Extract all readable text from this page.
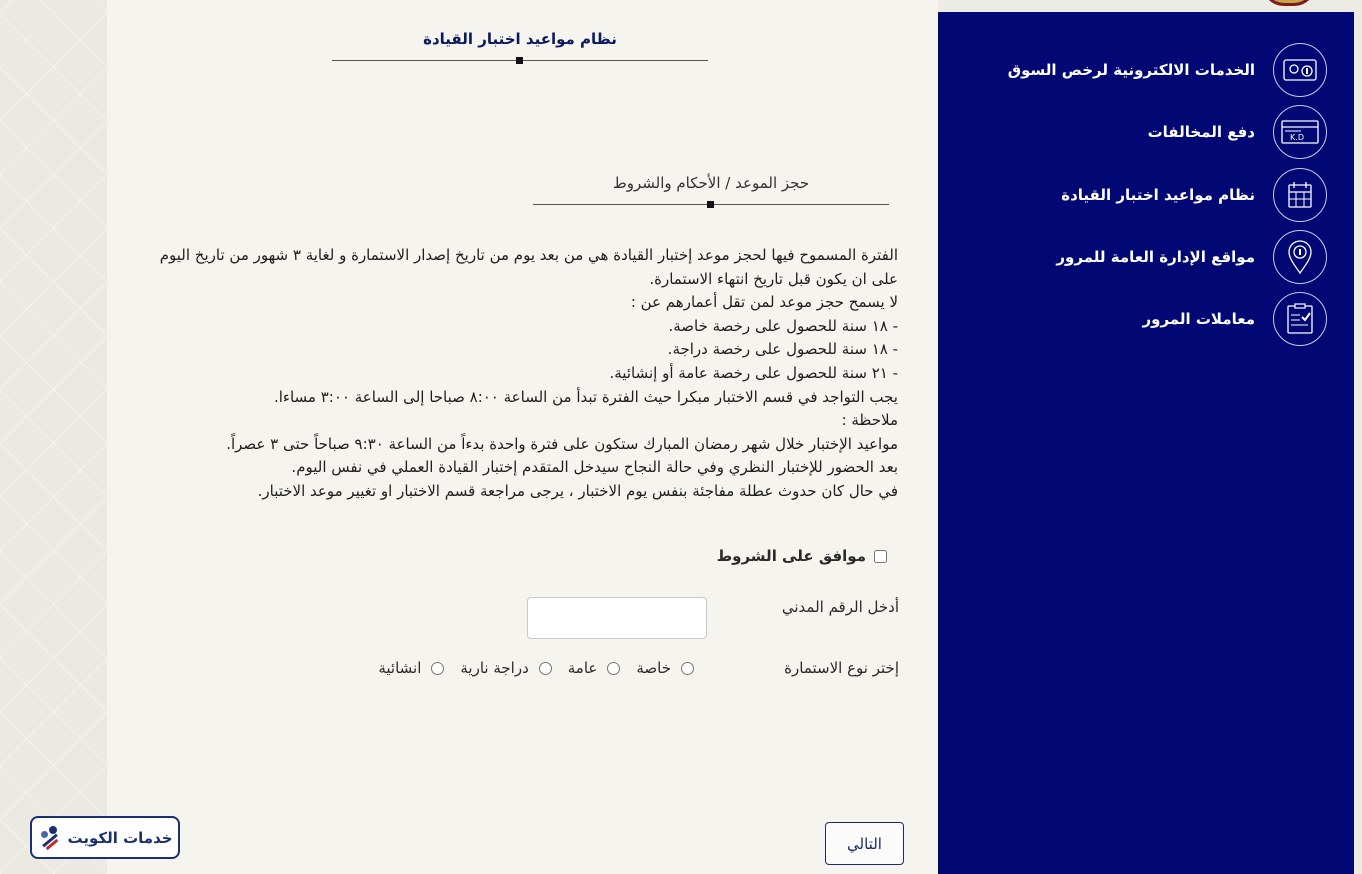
نظام مواعيد اختبار القيادة
حجز الموعد / الأحكام والشروط

الفترة المسموح فيها لحجز موعد إختبار القيادة هي من بعد يوم من تاريخ إصدار الاستمارة و لغاية ٣ شهور من تاريخ اليوم على ان يكون قبل تاريخ انتهاء الاستمارة.

لا يسمح حجز موعد لمن تقل أعمارهم عن :

- ١٨ سنة للحصول على رخصة خاصة.

- ١٨ سنة للحصول على رخصة دراجة.

- ٢١ سنة للحصول على رخصة عامة أو إنشائية.

يجب التواجد في قسم الاختبار مبكرا حيث الفترة تبدأ من الساعة ٨:٠٠ صباحا إلى الساعة ٣:٠٠ مساءا.

ملاحظة :

مواعيد الإختبار خلال شهر رمضان المبارك ستكون على فترة واحدة بدءاً من الساعة ٩:٣٠ صباحاً حتى ٣ عصراً.

بعد الحضور للإختبار النظري وفي حالة النجاح سيدخل المتقدم إختبار القيادة العملي في نفس اليوم.

في حال كان حدوث عطلة مفاجئة بنفس يوم الاختبار ، يرجى مراجعة قسم الاختبار او تغيير موعد الاختبار.

موافق على الشروط
أدخل الرقم المدني
إختر نوع الاستمارة
خاصة
عامة
دراجة نارية
انشائية
التالي
خدمات الكويت
الخدمات الالكترونية لرخص السوق
K.D
دفع المخالفات
نظام مواعيد اختبار القيادة
مواقع الإدارة العامة للمرور
معاملات المرور
